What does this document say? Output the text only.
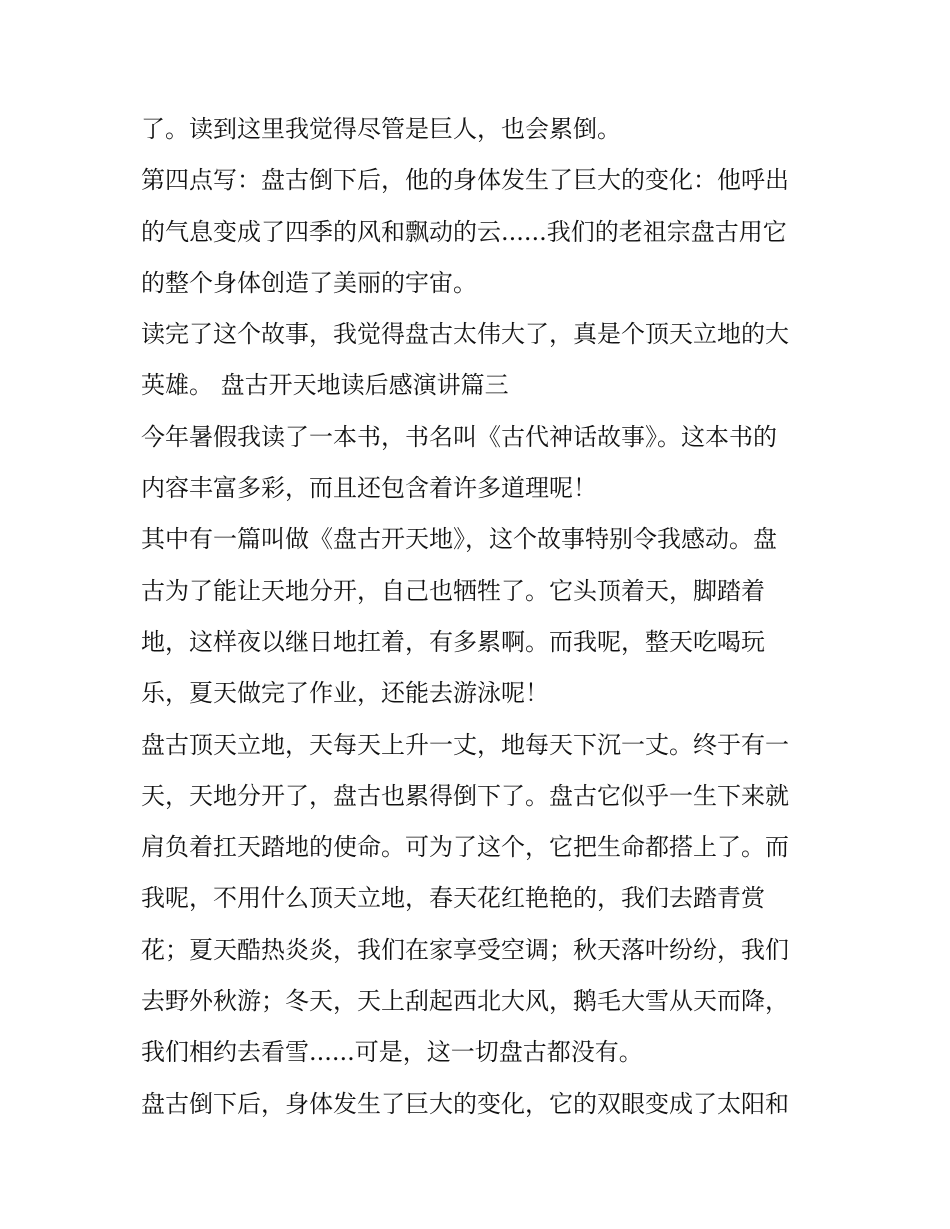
了。读到这里我觉得尽管是巨人，也会累倒。
第四点写：盘古倒下后，他的身体发生了巨大的变化：他呼出
的气息变成了四季的风和飘动的云......我们的老祖宗盘古用它
的整个身体创造了美丽的宇宙。
读完了这个故事，我觉得盘古太伟大了，真是个顶天立地的大
英雄。 盘古开天地读后感演讲篇三
今年暑假我读了一本书，书名叫《古代神话故事》。这本书的
内容丰富多彩，而且还包含着许多道理呢！
其中有一篇叫做《盘古开天地》，这个故事特别令我感动。盘
古为了能让天地分开，自己也牺牲了。它头顶着天，脚踏着
地，这样夜以继日地扛着，有多累啊。而我呢，整天吃喝玩
乐，夏天做完了作业，还能去游泳呢！
盘古顶天立地，天每天上升一丈，地每天下沉一丈。终于有一
天，天地分开了，盘古也累得倒下了。盘古它似乎一生下来就
肩负着扛天踏地的使命。可为了这个，它把生命都搭上了。而
我呢，不用什么顶天立地，春天花红艳艳的，我们去踏青赏
花；夏天酷热炎炎，我们在家享受空调；秋天落叶纷纷，我们
去野外秋游；冬天，天上刮起西北大风，鹅毛大雪从天而降，
我们相约去看雪......可是，这一切盘古都没有。
盘古倒下后，身体发生了巨大的变化，它的双眼变成了太阳和
